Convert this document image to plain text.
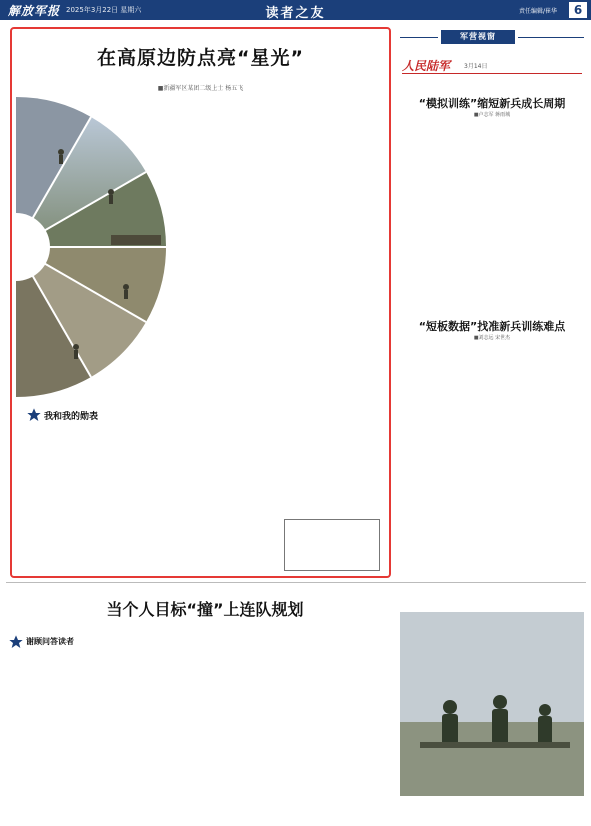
解放军报 2025年3月22日 星期六	读者之友	责任编辑/崔华	6
在高原边防点亮“星光”
■新疆军区某团二级上士 杨五飞
我和我的勋表
军营视窗
人民陆军 3月14日
“模拟训练”缩短新兵成长周期
■卢志军 蒋雨城
“短板数据”找准新兵训练难点
■刘志远 宋世杰
当个人目标“撞”上连队规划
谢顾问答读者
